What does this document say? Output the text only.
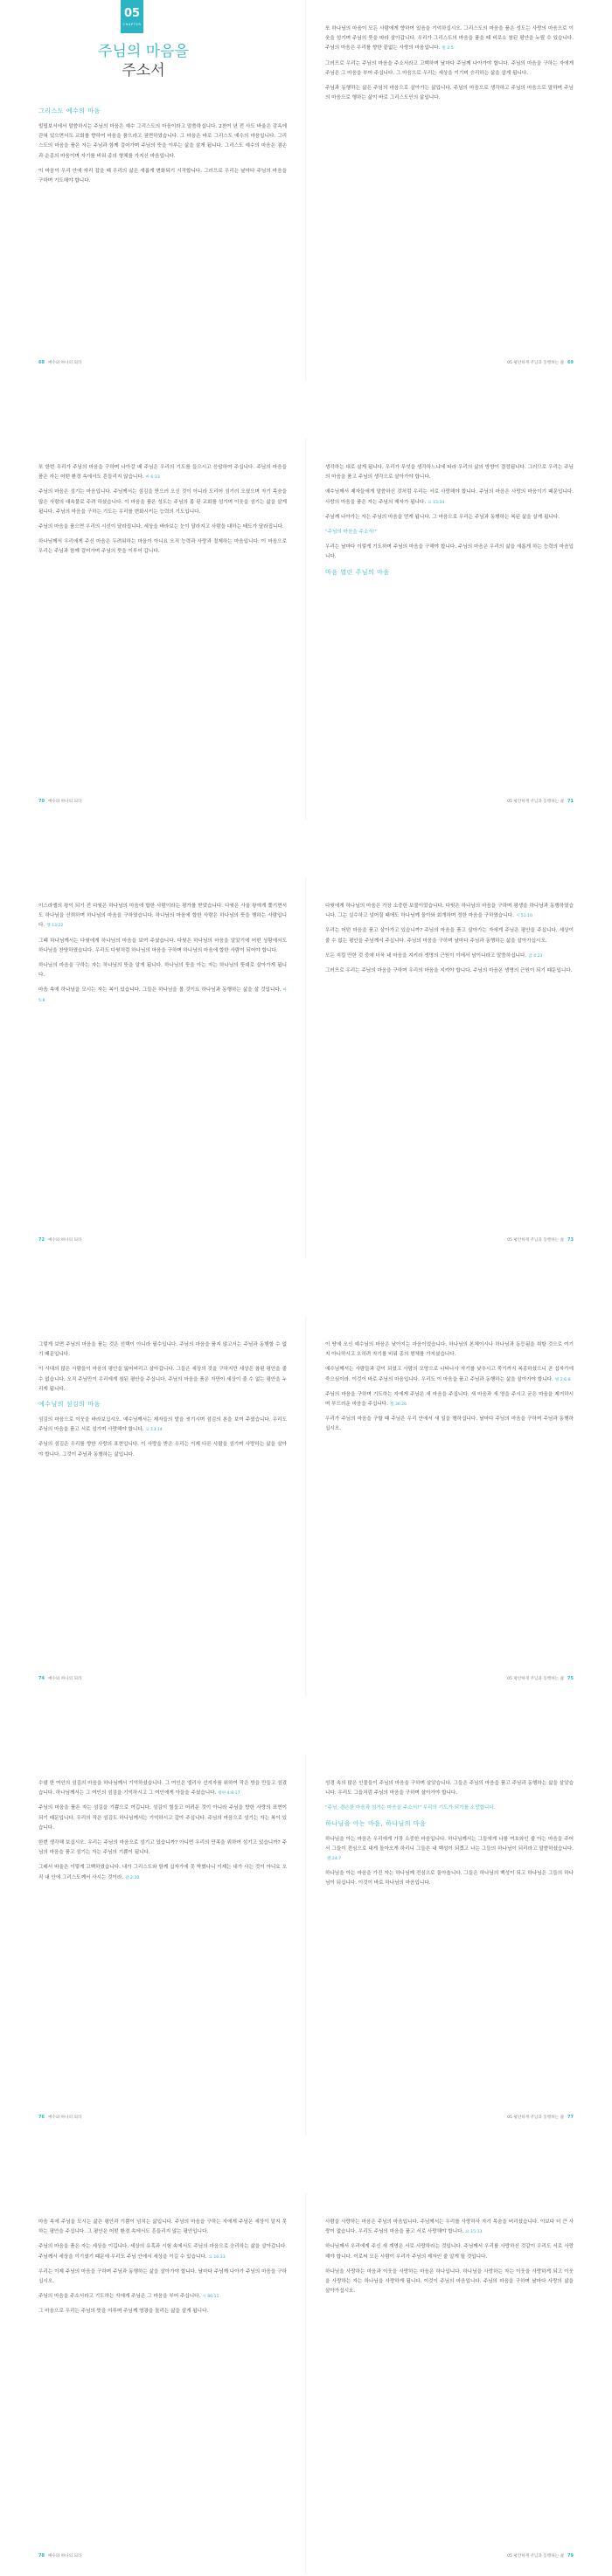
05
CHAPTER
주님의 마음을
주소서
그리스도 예수의 마음

빌립보서에서 말씀하시는 주님의 마음은 예수 그리스도의 마음이라고 말씀하십니다. 2천여 년 전 사도 바울은 감옥에 갇혀 있으면서도 교회를 향하여 마음을 품으라고 권면하였습니다. 그 마음은 바로 그리스도 예수의 마음입니다. 그리스도의 마음을 품은 자는 주님과 함께 걸어가며 주님의 뜻을 이루는 삶을 살게 됩니다. 그리스도 예수의 마음은 겸손과 순종의 마음이며 자기를 비워 종의 형체를 가지신 마음입니다.

이 마음이 우리 안에 자리 잡을 때 우리의 삶은 새롭게 변화되기 시작합니다. 그러므로 우리는 날마다 주님의 마음을 구하며 기도해야 합니다.

68 예수와 하나의 되라

또 하나님의 마음이 모든 사람에게 향하여 있음을 기억하십시오. 그리스도의 마음을 품은 성도는 사랑의 마음으로 이웃을 섬기며 주님의 뜻을 따라 살아갑니다. 우리가 그리스도의 마음을 품을 때 비로소 참된 평안을 누릴 수 있습니다. 주님의 마음은 우리를 향한 끝없는 사랑의 마음입니다. 빌 2:5

그러므로 우리는 주님의 마음을 주소서라고 고백하며 날마다 주님께 나아가야 합니다. 주님의 마음을 구하는 자에게 주님은 그 마음을 부어 주십니다. 그 마음으로 우리는 세상을 이기며 승리하는 삶을 살게 됩니다.

주님과 동행하는 삶은 주님의 마음으로 살아가는 삶입니다. 주님의 마음으로 생각하고 주님의 마음으로 말하며 주님의 마음으로 행하는 삶이 바로 그리스도인의 삶입니다.

05 평안하게 주님과 동행하는 삶 69

또 한번 우리가 주님의 마음을 구하며 나아갈 때 주님은 우리의 기도를 들으시고 응답하여 주십니다. 주님의 마음을 품은 자는 어떤 환경 속에서도 흔들리지 않습니다. 마 6:33

주님의 마음은 섬기는 마음입니다. 주님께서는 섬김을 받으러 오신 것이 아니라 도리어 섬기러 오셨으며 자기 목숨을 많은 사람의 대속물로 주려 하셨습니다. 이 마음을 품은 성도는 주님의 몸 된 교회를 섬기며 이웃을 섬기는 삶을 살게 됩니다. 주님의 마음을 구하는 기도는 우리를 변화시키는 능력의 기도입니다.

주님의 마음을 품으면 우리의 시선이 달라집니다. 세상을 바라보는 눈이 달라지고 사람을 대하는 태도가 달라집니다.

하나님께서 우리에게 주신 마음은 두려워하는 마음이 아니요 오직 능력과 사랑과 절제하는 마음입니다. 이 마음으로 우리는 주님과 함께 걸어가며 주님의 뜻을 이루어 갑니다.

70 예수와 하나의 되라

생각하는 대로 살게 됩니다. 우리가 무엇을 생각하느냐에 따라 우리의 삶의 방향이 결정됩니다. 그러므로 우리는 주님의 마음을 품고 주님의 생각으로 살아가야 합니다.

예수님께서 제자들에게 말씀하신 것처럼 우리는 서로 사랑해야 합니다. 주님의 마음은 사랑의 마음이기 때문입니다. 사랑의 마음을 품은 자는 주님의 제자가 됩니다. 요 13:34

주님께 나아가는 자는 주님의 마음을 얻게 됩니다. 그 마음으로 우리는 주님과 동행하는 복된 삶을 살게 됩니다.

"주님의 마음을 주소서!"

우리는 날마다 이렇게 기도하며 주님의 마음을 구해야 합니다. 주님의 마음은 우리의 삶을 새롭게 하는 능력의 마음입니다.

마음 열린 주님의 마음
05 평안하게 주님과 동행하는 삶 71

이스라엘의 왕이 되기 전 다윗은 하나님의 마음에 합한 사람이라는 평가를 받았습니다. 다윗은 사울 왕에게 쫓기면서도 하나님을 신뢰하며 하나님의 마음을 구하였습니다. 하나님의 마음에 합한 사람은 하나님의 뜻을 행하는 사람입니다. 행 13:22

그때 하나님께서는 다윗에게 하나님의 마음을 보여 주셨습니다. 다윗은 하나님의 마음을 알았기에 어떤 상황에서도 하나님을 찬양하였습니다. 우리도 다윗처럼 하나님의 마음을 구하며 하나님의 마음에 합한 사람이 되어야 합니다.

하나님의 마음을 구하는 자는 하나님의 뜻을 알게 됩니다. 하나님의 뜻을 아는 자는 하나님의 뜻대로 살아가게 됩니다.

마음 속에 하나님을 모시는 자는 복이 있습니다. 그들은 하나님을 볼 것이요 하나님과 동행하는 삶을 살 것입니다. 마 5:8

72 예수와 하나의 되라

다윗에게 하나님의 마음은 가장 소중한 보물이었습니다. 다윗은 하나님의 마음을 구하며 평생을 하나님과 동행하였습니다. 그는 실수하고 넘어질 때에도 하나님께 돌아와 회개하며 정한 마음을 구하였습니다. 시 51:10

우리는 어떤 마음을 품고 살아가고 있습니까? 주님의 마음을 품고 살아가는 자에게 주님은 평안을 주십니다. 세상이 줄 수 없는 평안을 주님께서 주십니다. 주님의 마음을 구하며 날마다 주님과 동행하는 삶을 살아가십시오.

모든 지킬 만한 것 중에 더욱 네 마음을 지키라 생명의 근원이 이에서 남이니라고 말씀하십니다. 잠 4:23

그러므로 우리는 주님의 마음을 구하며 우리의 마음을 지켜야 합니다. 주님의 마음은 생명의 근원이 되기 때문입니다.

05 평안하게 주님과 동행하는 삶 73

그렇게 보면 주님의 마음을 품는 것은 선택이 아니라 필수입니다. 주님의 마음을 품지 않고서는 주님과 동행할 수 없기 때문입니다.

이 시대의 많은 사람들이 마음의 평안을 잃어버리고 살아갑니다. 그들은 세상의 것을 구하지만 세상은 참된 평안을 줄 수 없습니다. 오직 주님만이 우리에게 참된 평안을 주십니다. 주님의 마음을 품은 자만이 세상이 줄 수 없는 평안을 누리게 됩니다.

예수님의 섬김의 마음

섬김의 마음으로 이웃을 바라보십시오. 예수님께서는 제자들의 발을 씻기시며 섬김의 본을 보여 주셨습니다. 우리도 주님의 마음을 품고 서로 섬기며 사랑해야 합니다. 요 13:14

주님의 섬김은 우리를 향한 사랑의 표현입니다. 이 사랑을 받은 우리는 이제 다른 사람을 섬기며 사랑하는 삶을 살아야 합니다. 그것이 주님과 동행하는 삶입니다.

74 예수와 하나의 되라

이 땅에 오신 예수님의 마음은 낮아지는 마음이었습니다. 하나님의 본체이시나 하나님과 동등됨을 취할 것으로 여기지 아니하시고 오히려 자기를 비워 종의 형체를 가지셨습니다.

예수님께서는 사람들과 같이 되셨고 사람의 모양으로 나타나사 자기를 낮추시고 죽기까지 복종하셨으니 곧 십자가에 죽으심이라. 이것이 바로 주님의 마음입니다. 우리도 이 마음을 품고 주님과 동행하는 삶을 살아가야 합니다. 빌 2:6-8

주님의 마음을 구하며 기도하는 자에게 주님은 새 마음을 주십니다. 새 마음과 새 영을 주시고 굳은 마음을 제거하시며 부드러운 마음을 주십니다. 겔 36:26

우리가 주님의 마음을 구할 때 주님은 우리 안에서 새 일을 행하십니다. 날마다 주님의 마음을 구하며 주님과 동행하십시오.

05 평안하게 주님과 동행하는 삶 75

수넴 한 여인의 섬김의 마음을 하나님께서 기억하셨습니다. 그 여인은 엘리사 선지자를 위하여 작은 방을 만들고 섬겼습니다. 하나님께서는 그 여인의 섬김을 기억하시고 그 여인에게 아들을 주셨습니다. 왕하 4:8-17

주님의 마음을 품은 자는 섬김을 기쁨으로 여깁니다. 섬김이 힘들고 어려운 것이 아니라 주님을 향한 사랑의 표현이 되기 때문입니다. 우리의 작은 섬김도 하나님께서는 기억하시고 갚아 주십니다. 주님의 마음으로 섬기는 자는 복이 있습니다.

한번 생각해 보십시오. 우리는 주님의 마음으로 섬기고 있습니까? 아니면 우리의 만족을 위하여 섬기고 있습니까? 주님의 마음을 품고 섬기는 자는 주님의 기쁨이 됩니다.

그래서 바울은 이렇게 고백하였습니다. 내가 그리스도와 함께 십자가에 못 박혔나니 이제는 내가 사는 것이 아니요 오직 내 안에 그리스도께서 사시는 것이라. 갈 2:20

76 예수와 하나의 되라

성경 속의 많은 인물들이 주님의 마음을 구하며 살았습니다. 그들은 주님의 마음을 품고 주님과 동행하는 삶을 살았습니다. 우리도 그들처럼 주님의 마음을 구하며 살아가야 합니다.

"주님, 겸손한 마음과 섬기는 마음을 주소서!" 우리의 기도가 되기를 소망합니다.

하나님을 아는 마음, 하나님의 마음

하나님을 아는 마음은 우리에게 가장 소중한 마음입니다. 하나님께서는 그들에게 나를 여호와인 줄 아는 마음을 주어서 그들이 전심으로 내게 돌아오게 하리니 그들은 내 백성이 되겠고 나는 그들의 하나님이 되리라고 말씀하셨습니다.렘 24:7

하나님을 아는 마음을 가진 자는 하나님께 전심으로 돌아옵니다. 그들은 하나님의 백성이 되고 하나님은 그들의 하나님이 되십니다. 이것이 바로 하나님의 마음입니다.

05 평안하게 주님과 동행하는 삶 77

마음 속에 주님을 모시는 삶은 평안과 기쁨이 넘치는 삶입니다. 주님의 마음을 구하는 자에게 주님은 세상이 알지 못하는 평안을 주십니다. 그 평안은 어떤 환경 속에서도 흔들리지 않는 평안입니다.

주님의 마음을 품은 자는 세상을 이깁니다. 세상의 유혹과 시험 속에서도 주님의 마음으로 승리하는 삶을 살아갑니다. 주님께서 세상을 이기셨기 때문에 우리도 주님 안에서 세상을 이길 수 있습니다. 요 16:33

우리는 이제 주님의 마음을 구하며 주님과 동행하는 삶을 살아가야 합니다. 날마다 주님께 나아가 주님의 마음을 구하십시오.

주님의 마음을 주소서라고 기도하는 자에게 주님은 그 마음을 부어 주십니다. 시 86:11

그 마음으로 우리는 주님의 뜻을 이루며 주님께 영광을 돌리는 삶을 살게 됩니다.

78 예수와 하나의 되라

사람을 사랑하는 마음은 주님의 마음입니다. 주님께서는 우리를 사랑하사 자기 목숨을 버리셨습니다. 이보다 더 큰 사랑이 없습니다. 우리도 주님의 마음을 품고 서로 사랑해야 합니다. 요 15:13

하나님께서 우리에게 주신 새 계명은 서로 사랑하라는 것입니다. 주님께서 우리를 사랑하신 것같이 우리도 서로 사랑해야 합니다. 이로써 모든 사람이 우리가 주님의 제자인 줄 알게 될 것입니다.

하나님을 사랑하는 마음과 이웃을 사랑하는 마음은 하나입니다. 하나님을 사랑하는 자는 이웃을 사랑하게 되고 이웃을 사랑하는 자는 하나님을 사랑하게 됩니다. 이것이 주님의 마음입니다. 주님의 마음을 구하며 날마다 사랑의 삶을 살아가십시오.

05 평안하게 주님과 동행하는 삶 79
